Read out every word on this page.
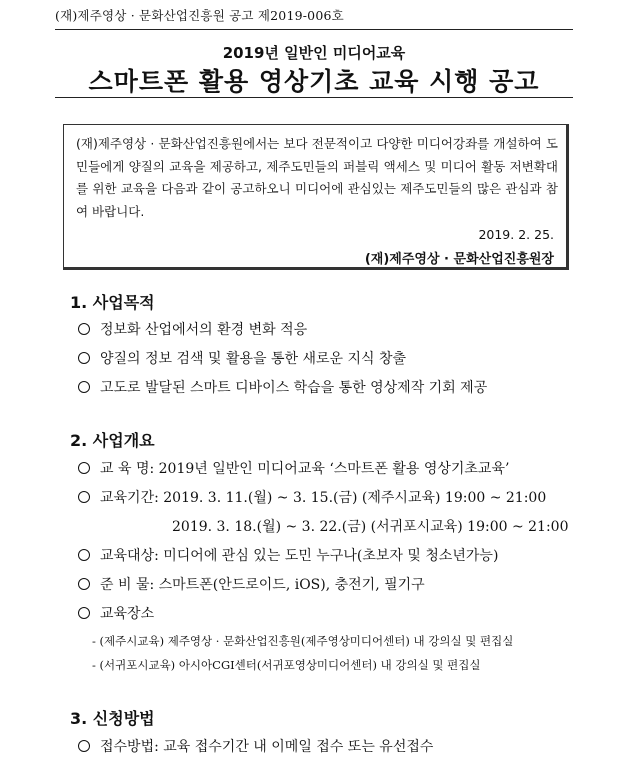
(재)제주영상 · 문화산업진흥원 공고 제2019-006호
2019년 일반인 미디어교육
스마트폰 활용 영상기초 교육 시행 공고

(재)제주영상 · 문화산업진흥원에서는 보다 전문적이고 다양한 미디어강좌를 개설하여 도민들에게 양질의 교육을 제공하고, 제주도민들의 퍼블릭 액세스 및 미디어 활동 저변확대를 위한 교육을 다음과 같이 공고하오니 미디어에 관심있는 제주도민들의 많은 관심과 참여 바랍니다.

2019. 2. 25.
(재)제주영상 · 문화산업진흥원장
1. 사업목적
정보화 산업에서의 환경 변화 적응
양질의 정보 검색 및 활용을 통한 새로운 지식 창출
고도로 발달된 스마트 디바이스 학습을 통한 영상제작 기회 제공
2. 사업개요
교 육 명: 2019년 일반인 미디어교육 ‘스마트폰 활용 영상기초교육’
교육기간: 2019. 3. 11.(월) ~ 3. 15.(금) (제주시교육) 19:00 ~ 21:00
2019. 3. 18.(월) ~ 3. 22.(금) (서귀포시교육) 19:00 ~ 21:00
교육대상: 미디어에 관심 있는 도민 누구나(초보자 및 청소년가능)
준 비 물: 스마트폰(안드로이드, iOS), 충전기, 필기구
교육장소
- (제주시교육) 제주영상 · 문화산업진흥원(제주영상미디어센터) 내 강의실 및 편집실
- (서귀포시교육) 아시아CGI센터(서귀포영상미디어센터) 내 강의실 및 편집실
3. 신청방법
접수방법: 교육 접수기간 내 이메일 접수 또는 유선접수
